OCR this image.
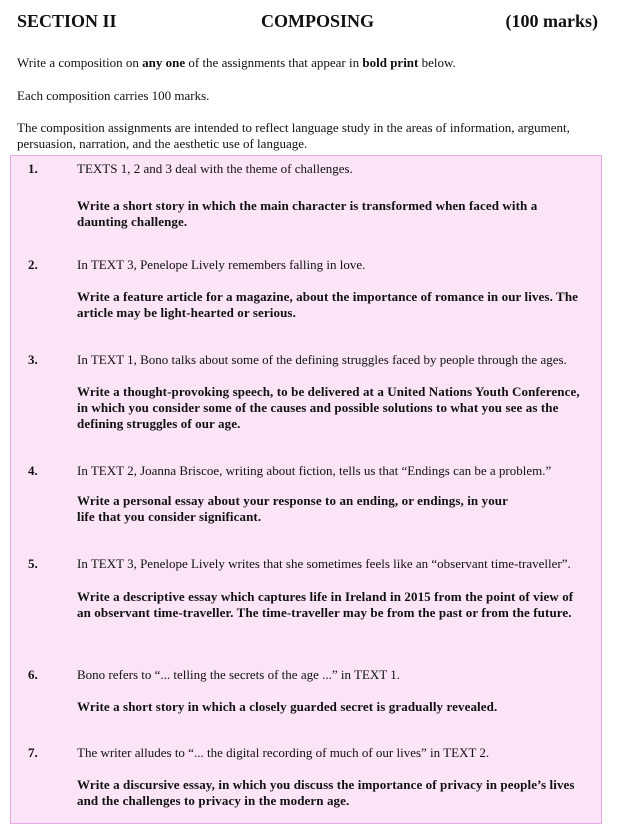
SECTION II	COMPOSING	(100 marks)
Write a composition on any one of the assignments that appear in bold print below.
Each composition carries 100 marks.
The composition assignments are intended to reflect language study in the areas of information, argument, persuasion, narration, and the aesthetic use of language.
1.	TEXTS 1, 2 and 3 deal with the theme of challenges.
Write a short story in which the main character is transformed when faced with a daunting challenge.
2.	In TEXT 3, Penelope Lively remembers falling in love.
Write a feature article for a magazine, about the importance of romance in our lives. The article may be light-hearted or serious.
3.	In TEXT 1, Bono talks about some of the defining struggles faced by people through the ages.
Write a thought-provoking speech, to be delivered at a United Nations Youth Conference, in which you consider some of the causes and possible solutions to what you see as the defining struggles of our age.
4.	In TEXT 2, Joanna Briscoe, writing about fiction, tells us that “Endings can be a problem.”
Write a personal essay about your response to an ending, or endings, in your life that you consider significant.
5.	In TEXT 3, Penelope Lively writes that she sometimes feels like an “observant time-traveller”.
Write a descriptive essay which captures life in Ireland in 2015 from the point of view of an observant time-traveller. The time-traveller may be from the past or from the future.
6.	Bono refers to “... telling the secrets of the age ...” in TEXT 1.
Write a short story in which a closely guarded secret is gradually revealed.
7.	The writer alludes to “... the digital recording of much of our lives” in TEXT 2.
Write a discursive essay, in which you discuss the importance of privacy in people’s lives and the challenges to privacy in the modern age.
